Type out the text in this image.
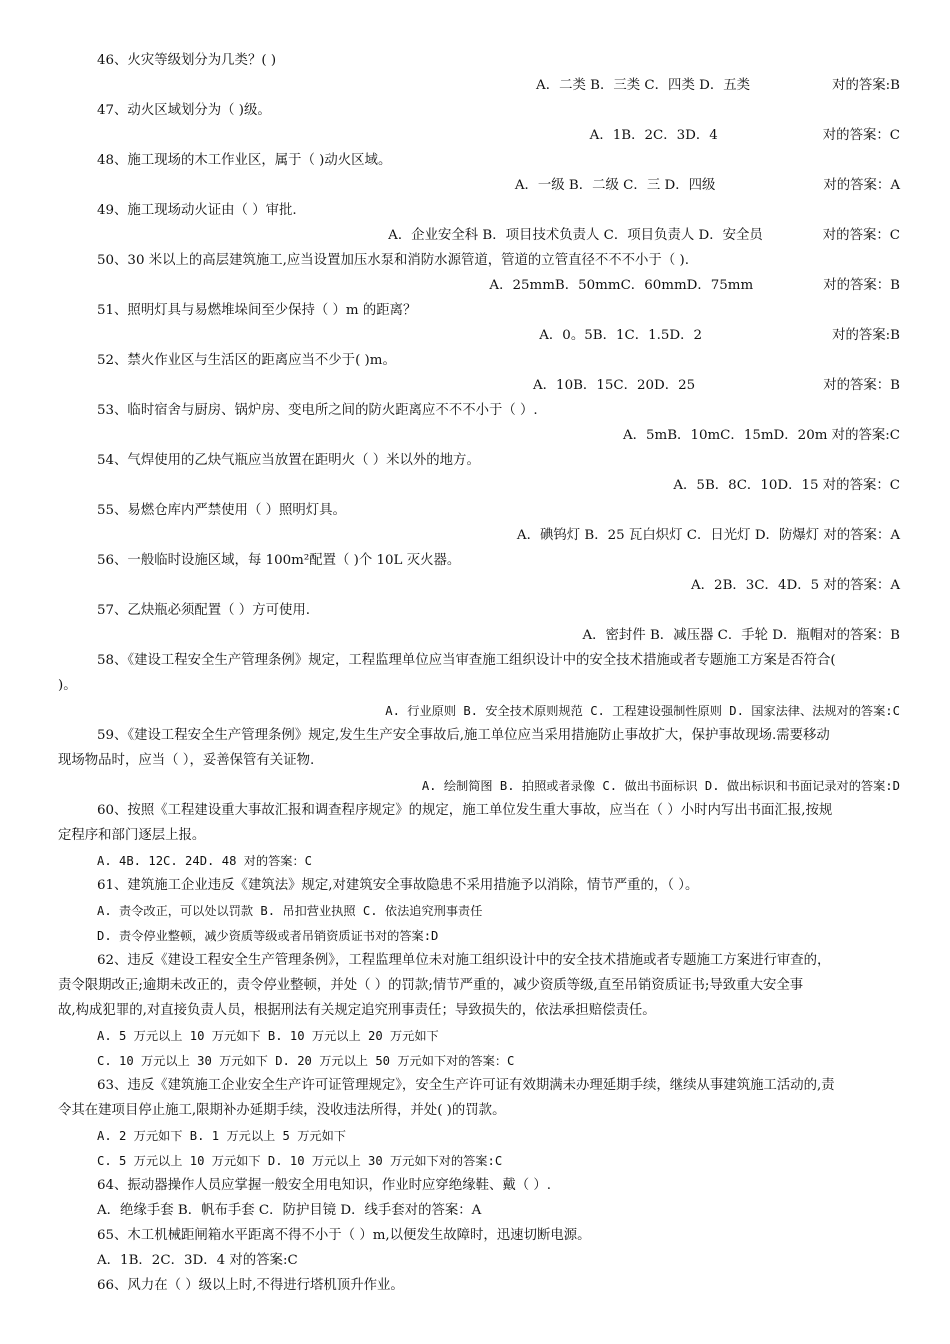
46、火灾等级划分为几类？( )
A．二类 B．三类 C．四类 D．五类	对的答案:B
47、动火区域划分为（ )级。
A．1B．2C．3D．4	对的答案：C
48、施工现场的木工作业区，属于（ )动火区域。
A．一级 B．二级 C．三 D．四级	对的答案：A
49、施工现场动火证由（ ）审批.
A．企业安全科 B．项目技术负责人 C．项目负责人 D．安全员	对的答案：C
50、30 米以上的高层建筑施工,应当设置加压水泵和消防水源管道，管道的立管直径不不不小于（ ).
A．25mmB．50mmC．60mmD．75mm	对的答案：B
51、照明灯具与易燃堆垛间至少保持（ ）m 的距离？
A．0。5B．1C．1.5D．2	对的答案:B
52、禁火作业区与生活区的距离应当不少于( )m。
A．10B．15C．20D．25	对的答案：B
53、临时宿舍与厨房、锅炉房、变电所之间的防火距离应不不不小于（ ）.
A．5mB．10mC．15mD．20m 对的答案:C
54、气焊使用的乙炔气瓶应当放置在距明火（ ）米以外的地方。
A．5B．8C．10D．15 对的答案：C
55、易燃仓库内严禁使用（ ）照明灯具。
A．碘钨灯 B．25 瓦白炽灯 C．日光灯 D．防爆灯 对的答案：A
56、一般临时设施区域，每 100m²配置（ )个 10L 灭火器。
A．2B．3C．4D．5 对的答案：A
57、乙炔瓶必须配置（ ）方可使用.
A．密封件 B．减压器 C．手轮 D．瓶帽对的答案：B
58、《建设工程安全生产管理条例》规定，工程监理单位应当审查施工组织设计中的安全技术措施或者专题施工方案是否符合(
)。
A. 行业原则 B. 安全技术原则规范 C. 工程建设强制性原则 D. 国家法律、法规对的答案:C
59、《建设工程安全生产管理条例》规定,发生生产安全事故后,施工单位应当采用措施防止事故扩大，保护事故现场.需要移动
现场物品时，应当（ ），妥善保管有关证物.
A. 绘制简图 B. 拍照或者录像 C. 做出书面标识 D. 做出标识和书面记录对的答案:D
60、按照《工程建设重大事故汇报和调查程序规定》的规定，施工单位发生重大事故，应当在（ ）小时内写出书面汇报,按规
定程序和部门逐层上报。
A. 4B. 12C. 24D. 48 对的答案：C
61、建筑施工企业违反《建筑法》规定,对建筑安全事故隐患不采用措施予以消除，情节严重的，（ ）。
A. 责令改正，可以处以罚款 B. 吊扣营业执照 C. 依法追究刑事责任
D. 责令停业整顿，减少资质等级或者吊销资质证书对的答案:D
62、违反《建设工程安全生产管理条例》，工程监理单位未对施工组织设计中的安全技术措施或者专题施工方案进行审查的，
责令限期改正;逾期未改正的，责令停业整顿，并处（ ）的罚款;情节严重的，减少资质等级,直至吊销资质证书;导致重大安全事
故,构成犯罪的,对直接负责人员，根据刑法有关规定追究刑事责任；导致损失的，依法承担赔偿责任。
A. 5 万元以上 10 万元如下 B. 10 万元以上 20 万元如下
C. 10 万元以上 30 万元如下 D. 20 万元以上 50 万元如下对的答案：C
63、违反《建筑施工企业安全生产许可证管理规定》，安全生产许可证有效期满未办理延期手续，继续从事建筑施工活动的,责
令其在建项目停止施工,限期补办延期手续，没收违法所得，并处( )的罚款。
A. 2 万元如下 B. 1 万元以上 5 万元如下
C. 5 万元以上 10 万元如下 D. 10 万元以上 30 万元如下对的答案:C
64、振动器操作人员应掌握一般安全用电知识，作业时应穿绝缘鞋、戴（ ）.
A．绝缘手套 B．帆布手套 C．防护目镜 D．线手套对的答案：A
65、木工机械距闸箱水平距离不得不小于（ ）m,以便发生故障时，迅速切断电源。
A．1B．2C．3D．4 对的答案:C
66、风力在（ ）级以上时,不得进行塔机顶升作业。
